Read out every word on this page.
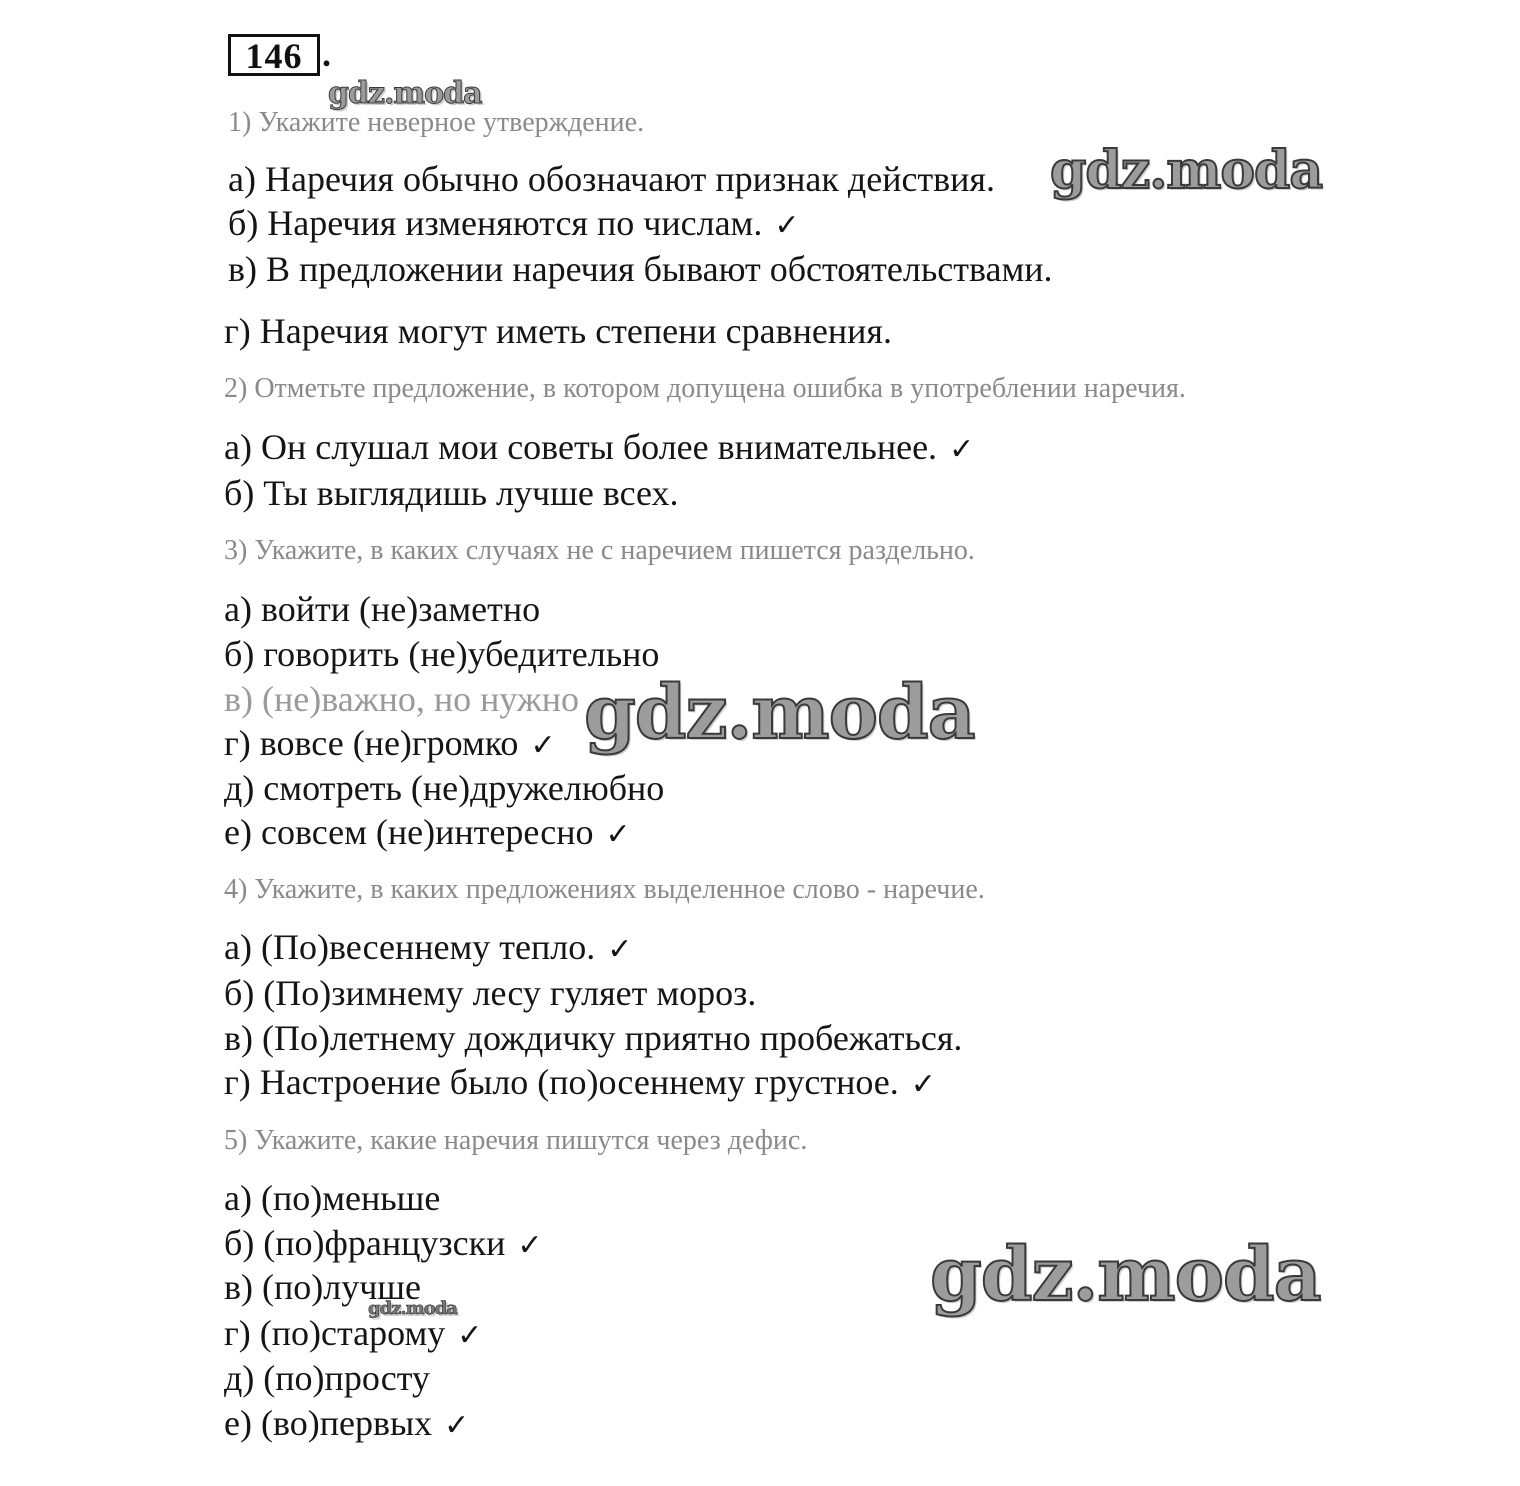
146 .
1) Укажите неверное утверждение.
а) Наречия обычно обозначают признак действия.
б) Наречия изменяются по числам. ✓
в) В предложении наречия бывают обстоятельствами.
г) Наречия могут иметь степени сравнения.
2) Отметьте предложение, в котором допущена ошибка в употреблении наречия.
а) Он слушал мои советы более внимательнее. ✓
б) Ты выглядишь лучше всех.
3) Укажите, в каких случаях не с наречием пишется раздельно.
а) войти (не)заметно
б) говорить (не)убедительно
в) (не)важно, но нужно
г) вовсе (не)громко ✓
д) смотреть (не)дружелюбно
е) совсем (не)интересно ✓
4) Укажите, в каких предложениях выделенное слово - наречие.
а) (По)весеннему тепло. ✓
б) (По)зимнему лесу гуляет мороз.
в) (По)летнему дождичку приятно пробежаться.
г) Настроение было (по)осеннему грустное. ✓
5) Укажите, какие наречия пишутся через дефис.
а) (по)меньше
б) (по)французски ✓
в) (по)лучше
г) (по)старому ✓
д) (по)просту
е) (во)первых ✓
gdz.moda
gdz.moda
gdz.moda
gdz.moda
gdz.moda
